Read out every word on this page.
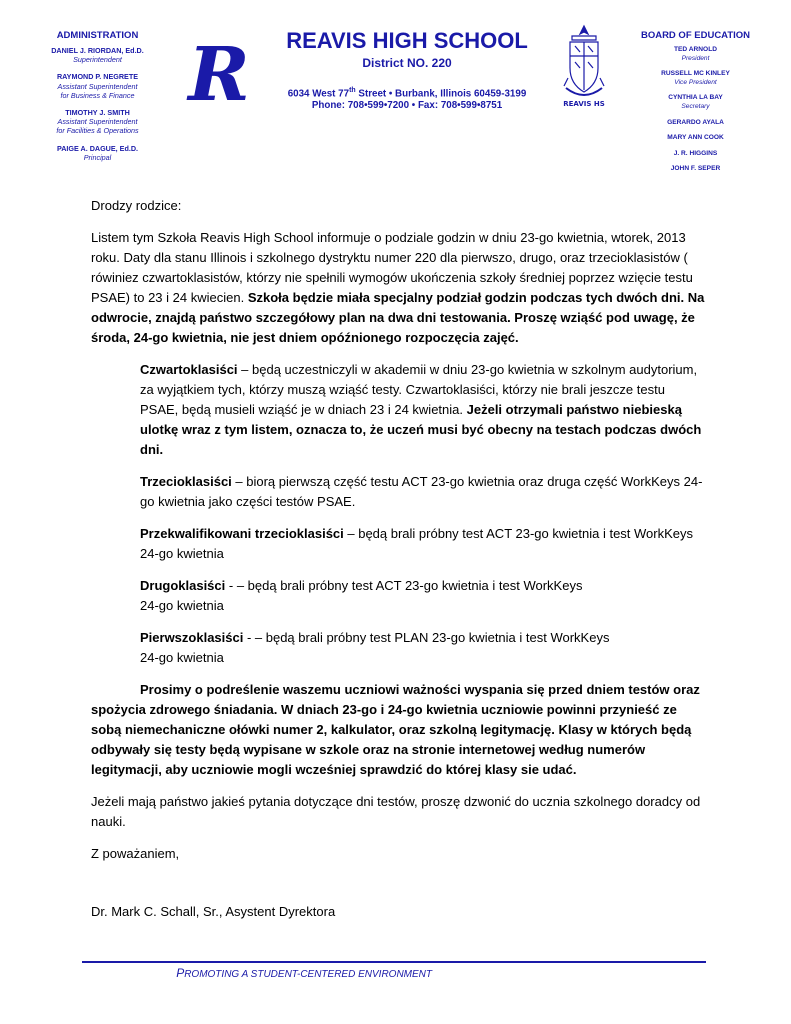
ADMINISTRATION
DANIEL J. RIORDAN, Ed.D.
Superintendent
RAYMOND P. NEGRETE
Assistant Superintendent
for Business & Finance
TIMOTHY J. SMITH
Assistant Superintendent
for Facilities & Operations
PAIGE A. DAGUE, Ed.D.
Principal
R	REAVIS HIGH SCHOOL
District NO. 220
6034 West 77th Street • Burbank, Illinois 60459-3199
Phone: 708•599•7200 • Fax: 708•599•8751	REAVIS HS
BOARD OF EDUCATION
TED ARNOLD
President
RUSSELL MC KINLEY
Vice President
CYNTHIA LA BAY
Secretary
GERARDO AYALA
MARY ANN COOK
J. R. HIGGINS
JOHN F. SEPER

Drodzy rodzice:

Listem tym Szkoła Reavis High School informuje o podziale godzin w dniu 23-go kwietnia, wtorek, 2013 roku. Daty dla stanu Illinois i szkolnego dystryktu numer 220 dla pierwszo, drugo, oraz trzecioklasistów ( rówiniez czwartoklasistów, którzy nie spełnili wymogów ukończenia szkoły średniej poprzez wzięcie testu PSAE) to 23 i 24 kwiecien. Szkoła będzie miała specjalny podział godzin podczas tych dwóch dni. Na odwrocie, znajdą państwo szczegółowy plan na dwa dni testowania. Proszę wziąść pod uwagę, że środa, 24-go kwietnia, nie jest dniem opóźnionego rozpoczęcia zajęć.

Czwartoklasiści – będą uczestniczyli w akademii w dniu 23-go kwietnia w szkolnym audytorium, za wyjątkiem tych, którzy muszą wziąść testy. Czwartoklasiści, którzy nie brali jeszcze testu PSAE, będą musieli wziąść je w dniach 23 i 24 kwietnia. Jeżeli otrzymali państwo niebieską ulotkę wraz z tym listem, oznacza to, że uczeń musi być obecny na testach podczas dwóch dni.

Trzecioklasiści – biorą pierwszą część testu ACT 23-go kwietnia oraz druga część WorkKeys 24-go kwietnia jako części testów PSAE.

Przekwalifikowani trzecioklasiści – będą brali próbny test ACT 23-go kwietnia i test WorkKeys
24-go kwietnia

Drugoklasiści - – będą brali próbny test ACT 23-go kwietnia i test WorkKeys
24-go kwietnia

Pierwszoklasiści - – będą brali próbny test PLAN 23-go kwietnia i test WorkKeys
24-go kwietnia

Prosimy o podreślenie waszemu uczniowi ważności wyspania się przed dniem testów oraz spożycia zdrowego śniadania. W dniach 23-go i 24-go kwietnia uczniowie powinni przynieść ze sobą niemechaniczne ołówki numer 2, kalkulator, oraz szkolną legitymację. Klasy w których będą odbywały się testy będą wypisane w szkole oraz na stronie internetowej według numerów legitymacji, aby uczniowie mogli wcześniej sprawdzić do której klasy sie udać.

Jeżeli mają państwo jakieś pytania dotyczące dni testów, proszę dzwonić do ucznia szkolnego doradcy od nauki.

Z poważaniem,

Dr. Mark C. Schall, Sr., Asystent Dyrektora

PROMOTING A STUDENT-CENTERED ENVIRONMENT
